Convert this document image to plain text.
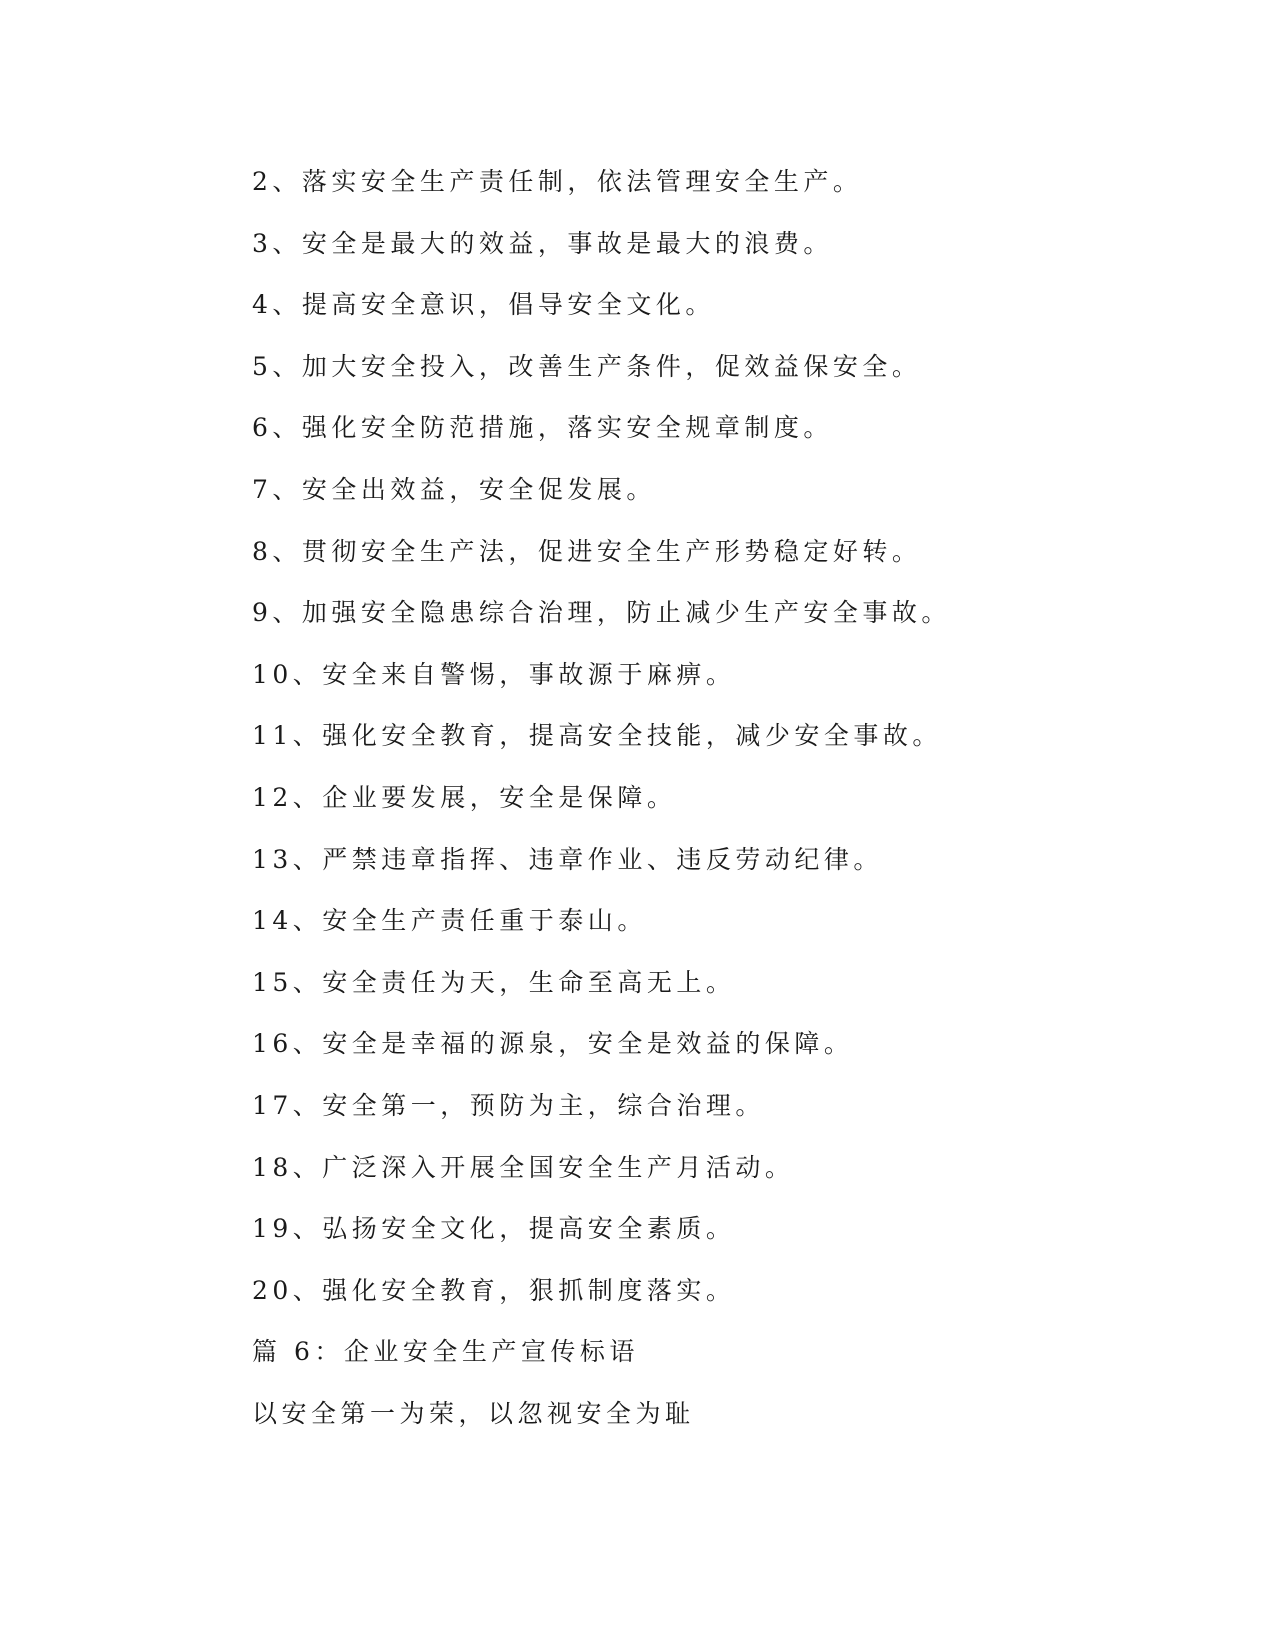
2、落实安全生产责任制，依法管理安全生产。
3、安全是最大的效益，事故是最大的浪费。
4、提高安全意识，倡导安全文化。
5、加大安全投入，改善生产条件，促效益保安全。
6、强化安全防范措施，落实安全规章制度。
7、安全出效益，安全促发展。
8、贯彻安全生产法，促进安全生产形势稳定好转。
9、加强安全隐患综合治理，防止减少生产安全事故。
10、安全来自警惕，事故源于麻痹。
11、强化安全教育，提高安全技能，减少安全事故。
12、企业要发展，安全是保障。
13、严禁违章指挥、违章作业、违反劳动纪律。
14、安全生产责任重于泰山。
15、安全责任为天，生命至高无上。
16、安全是幸福的源泉，安全是效益的保障。
17、安全第一，预防为主，综合治理。
18、广泛深入开展全国安全生产月活动。
19、弘扬安全文化，提高安全素质。
20、强化安全教育，狠抓制度落实。
篇 6：企业安全生产宣传标语
以安全第一为荣，以忽视安全为耻
